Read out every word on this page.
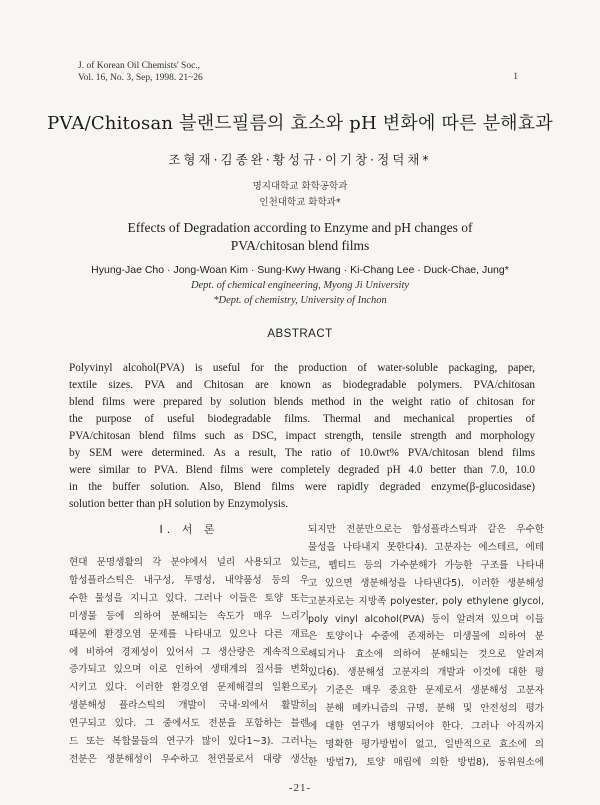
J. of Korean Oil Chemists' Soc.,
Vol. 16, No. 3, Sep, 1998. 21~26	1
PVA/Chitosan 블랜드필름의 효소와 pH 변화에 따른 분해효과
조형재·김종완·황성규·이기창·정덕채*
명지대학교 화학공학과
인천대학교 화학과*
Effects of Degradation according to Enzyme and pH changes of
PVA/chitosan blend films
Hyung-Jae Cho · Jong-Woan Kim · Sung-Kwy Hwang · Ki-Chang Lee · Duck-Chae, Jung*
Dept. of chemical engineering, Myong Ji University
*Dept. of chemistry, University of Inchon
ABSTRACT
Polyvinyl alcohol(PVA) is useful for the production of water-soluble packaging, paper,
textile sizes. PVA and Chitosan are known as biodegradable polymers. PVA/chitosan
blend films were prepared by solution blends method in the weight ratio of chitosan for
the purpose of useful biodegradable films. Thermal and mechanical properties of
PVA/chitosan blend films such as DSC, impact strength, tensile strength and morphology
by SEM were determined. As a result, The ratio of 10.0wt% PVA/chitosan blend films
were similar to PVA. Blend films were completely degraded pH 4.0 better than 7.0, 10.0
in the buffer solution. Also, Blend films were rapidly degraded enzyme(β-glucosidase)
solution better than pH solution by Enzymolysis.
I. 서 론
현대 문명생활의 각 분야에서 널리 사용되고 있는
합성플라스틱은 내구성, 투명성, 내약품성 등의 우
수한 물성을 지니고 있다. 그러나 이들은 토양 또는
미생물 등에 의하여 분해되는 속도가 매우 느리기
때문에 환경오염 문제를 나타내고 있으나 다른 재료
에 비하여 경제성이 있어서 그 생산량은 계속적으로
증가되고 있으며 이로 인하여 생태계의 질서를 변화
시키고 있다. 이러한 환경오염 문제해결의 일환으로
생분해성 플라스틱의 개발이 국내·외에서 활발히
연구되고 있다. 그 중에서도 전분을 포함하는 블렌
드 또는 복합물들의 연구가 많이 있다1~3). 그러나
전분은 생분해성이 우수하고 천연물로서 대량 생산
되지만 전분만으로는 합성플라스틱과 같은 우수한
물성을 나타내지 못한다4). 고분자는 에스테르, 에테
르, 펩티드 등의 가수분해가 가능한 구조를 나타내
고 있으면 생분해성을 나타낸다5). 이러한 생분해성
고분자로는 지방족 polyester, poly ethylene glycol,
poly vinyl alcohol(PVA) 등이 알려져 있으며 이들
은 토양이나 수중에 존재하는 미생물에 의하여 분
해되거나 효소에 의하여 분해되는 것으로 알려져
있다6). 생분해성 고분자의 개발과 이것에 대한 평
가 기준은 매우 중요한 문제로서 생분해성 고분자
의 분해 메카니즘의 규명, 분해 및 안전성의 평가
에 대한 연구가 병행되어야 한다. 그러나 아직까지
는 명확한 평가방법이 없고, 일반적으로 효소에 의
한 방법7), 토양 매립에 의한 방법8), 동위원소에
-21-
